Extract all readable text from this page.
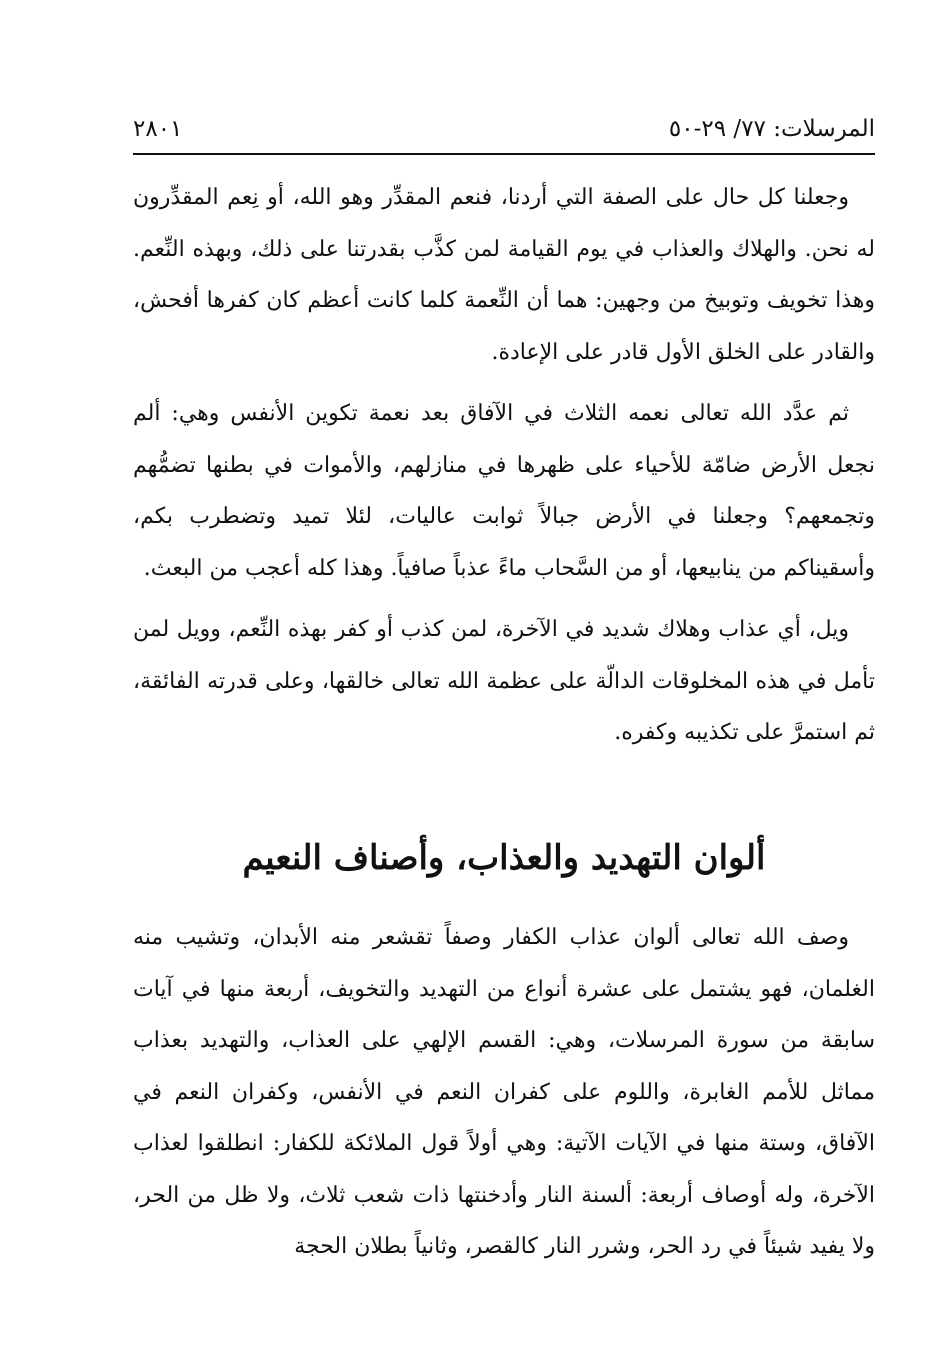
المرسلات: ٧٧/ ٢٩-٥٠
٢٨٠١

وجعلنا كل حال على الصفة التي أردنا، فنعم المقدِّر وهو الله، أو نِعم المقدِّرون له نحن. والهلاك والعذاب في يوم القيامة لمن كذَّب بقدرتنا على ذلك، وبهذه النِّعم. وهذا تخويف وتوبيخ من وجهين: هما أن النِّعمة كلما كانت أعظم كان كفرها أفحش، والقادر على الخلق الأول قادر على الإعادة.

ثم عدَّد الله تعالى نعمه الثلاث في الآفاق بعد نعمة تكوين الأنفس وهي: ألم نجعل الأرض ضامّة للأحياء على ظهرها في منازلهم، والأموات في بطنها تضمُّهم وتجمعهم؟ وجعلنا في الأرض جبالاً ثوابت عاليات، لئلا تميد وتضطرب بكم، وأسقيناكم من ينابيعها، أو من السَّحاب ماءً عذباً صافياً. وهذا كله أعجب من البعث.

ويل، أي عذاب وهلاك شديد في الآخرة، لمن كذب أو كفر بهذه النِّعم، وويل لمن تأمل في هذه المخلوقات الدالّة على عظمة الله تعالى خالقها، وعلى قدرته الفائقة، ثم استمرَّ على تكذيبه وكفره.

ألوان التهديد والعذاب، وأصناف النعيم

وصف الله تعالى ألوان عذاب الكفار وصفاً تقشعر منه الأبدان، وتشيب منه الغلمان، فهو يشتمل على عشرة أنواع من التهديد والتخويف، أربعة منها في آيات سابقة من سورة المرسلات، وهي: القسم الإلهي على العذاب، والتهديد بعذاب مماثل للأمم الغابرة، واللوم على كفران النعم في الأنفس، وكفران النعم في الآفاق، وستة منها في الآيات الآتية: وهي أولاً قول الملائكة للكفار: انطلقوا لعذاب الآخرة، وله أوصاف أربعة: ألسنة النار وأدخنتها ذات شعب ثلاث، ولا ظل من الحر، ولا يفيد شيئاً في رد الحر، وشرر النار كالقصر، وثانياً بطلان الحجة
